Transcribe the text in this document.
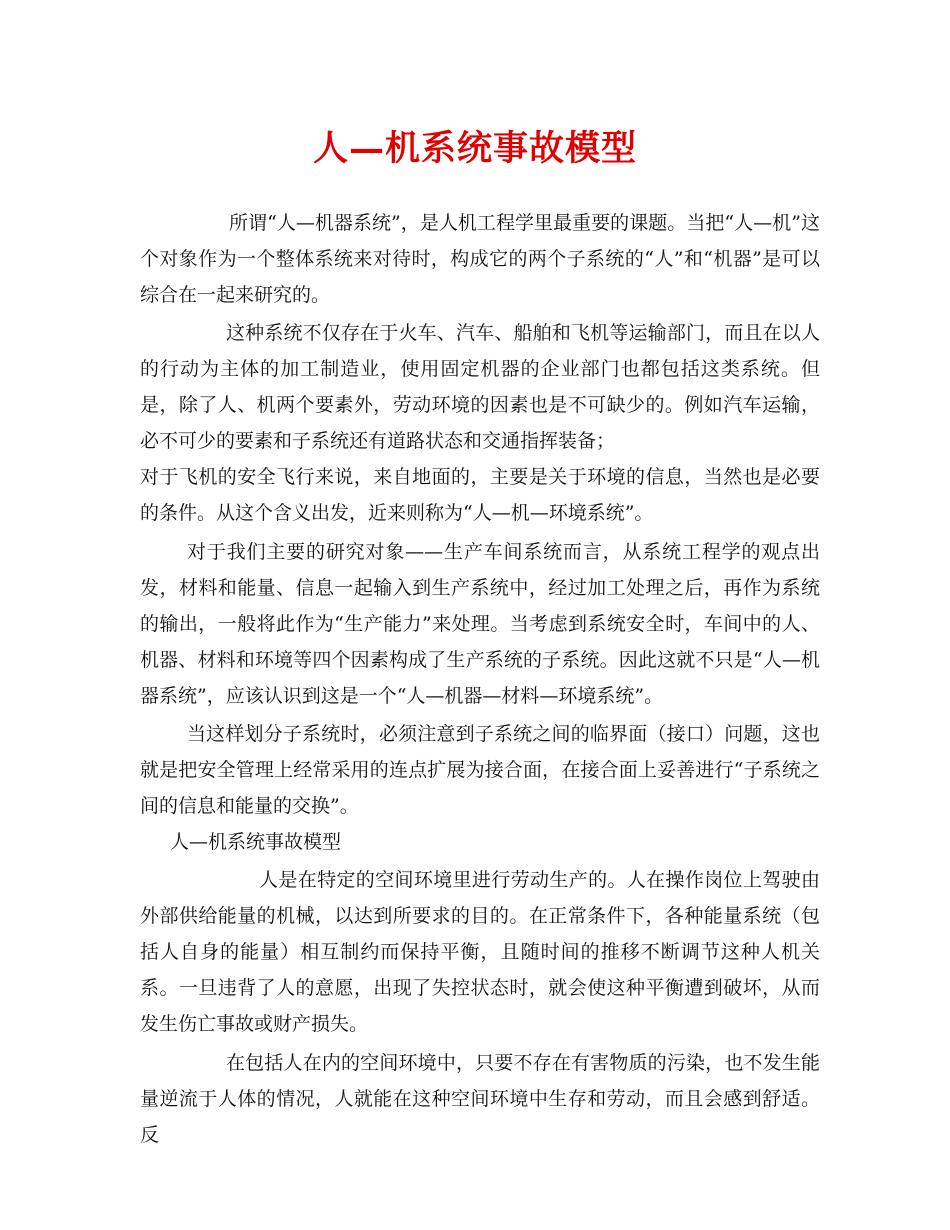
人—机系统事故模型

所谓“人—机器系统”，是人机工程学里最重要的课题。当把“人—机”这个对象作为一个整体系统来对待时，构成它的两个子系统的“人”和“机器”是可以综合在一起来研究的。

这种系统不仅存在于火车、汽车、船舶和飞机等运输部门，而且在以人的行动为主体的加工制造业，使用固定机器的企业部门也都包括这类系统。但是，除了人、机两个要素外，劳动环境的因素也是不可缺少的。例如汽车运输，必不可少的要素和子系统还有道路状态和交通指挥装备；

对于飞机的安全飞行来说，来自地面的，主要是关于环境的信息，当然也是必要的条件。从这个含义出发，近来则称为“人—机—环境系统”。

对于我们主要的研究对象——生产车间系统而言，从系统工程学的观点出发，材料和能量、信息一起输入到生产系统中，经过加工处理之后，再作为系统的输出，一般将此作为“生产能力”来处理。当考虑到系统安全时，车间中的人、机器、材料和环境等四个因素构成了生产系统的子系统。因此这就不只是“人—机器系统”，应该认识到这是一个“人—机器—材料—环境系统”。

当这样划分子系统时，必须注意到子系统之间的临界面（接口）问题，这也就是把安全管理上经常采用的连点扩展为接合面，在接合面上妥善进行“子系统之间的信息和能量的交换”。

人—机系统事故模型

人是在特定的空间环境里进行劳动生产的。人在操作岗位上驾驶由外部供给能量的机械，以达到所要求的目的。在正常条件下，各种能量系统（包括人自身的能量）相互制约而保持平衡，且随时间的推移不断调节这种人机关系。一旦违背了人的意愿，出现了失控状态时，就会使这种平衡遭到破坏，从而发生伤亡事故或财产损失。

在包括人在内的空间环境中，只要不存在有害物质的污染，也不发生能量逆流于人体的情况，人就能在这种空间环境中生存和劳动，而且会感到舒适。反
